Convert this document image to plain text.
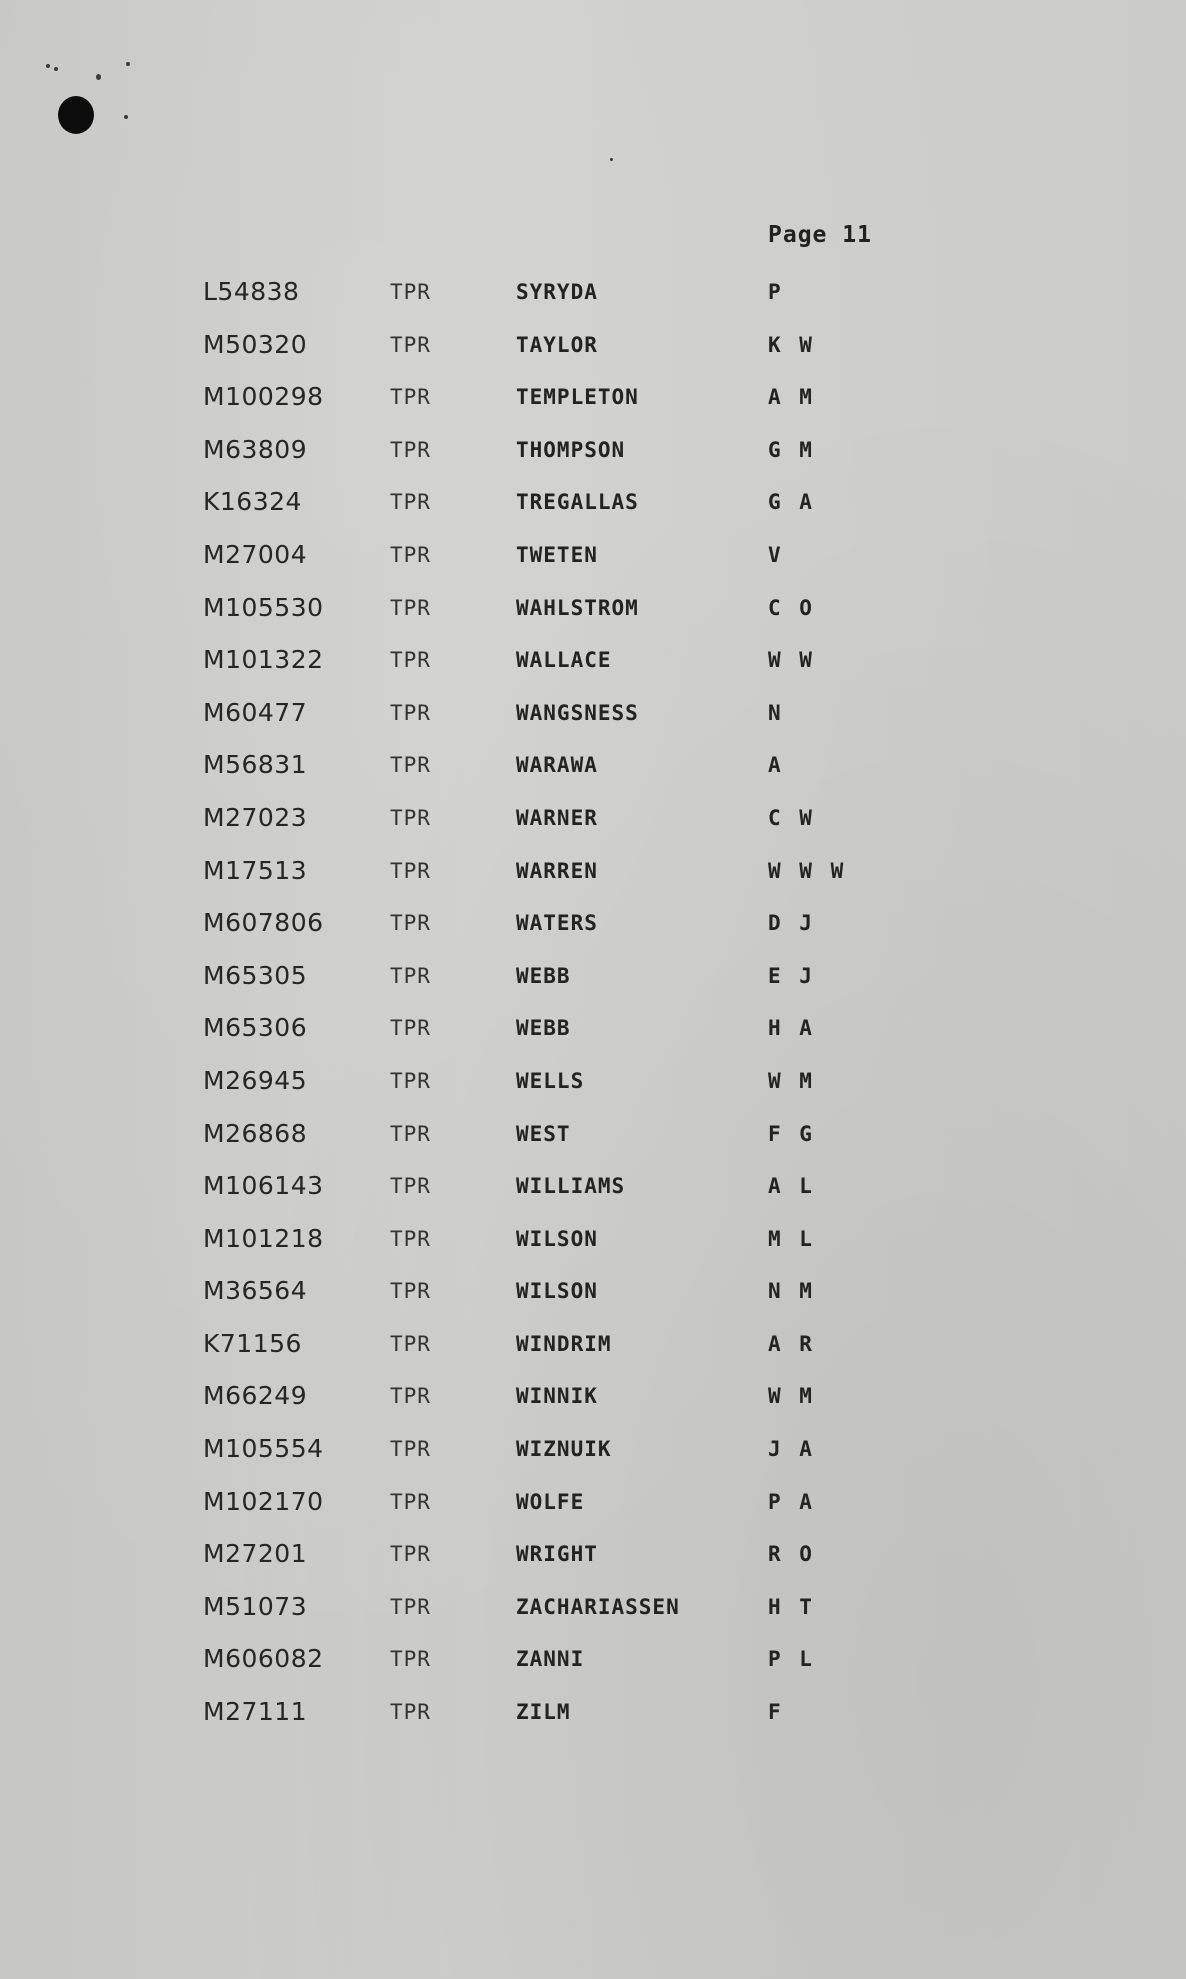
Page 11
L54838	TPR	SYRYDA	P
M50320	TPR	TAYLOR	K W
M100298	TPR	TEMPLETON	A M
M63809	TPR	THOMPSON	G M
K16324	TPR	TREGALLAS	G A
M27004	TPR	TWETEN	V
M105530	TPR	WAHLSTROM	C O
M101322	TPR	WALLACE	W W
M60477	TPR	WANGSNESS	N
M56831	TPR	WARAWA	A
M27023	TPR	WARNER	C W
M17513	TPR	WARREN	W W W
M607806	TPR	WATERS	D J
M65305	TPR	WEBB	E J
M65306	TPR	WEBB	H A
M26945	TPR	WELLS	W M
M26868	TPR	WEST	F G
M106143	TPR	WILLIAMS	A L
M101218	TPR	WILSON	M L
M36564	TPR	WILSON	N M
K71156	TPR	WINDRIM	A R
M66249	TPR	WINNIK	W M
M105554	TPR	WIZNUIK	J A
M102170	TPR	WOLFE	P A
M27201	TPR	WRIGHT	R O
M51073	TPR	ZACHARIASSEN	H T
M606082	TPR	ZANNI	P L
M27111	TPR	ZILM	F
